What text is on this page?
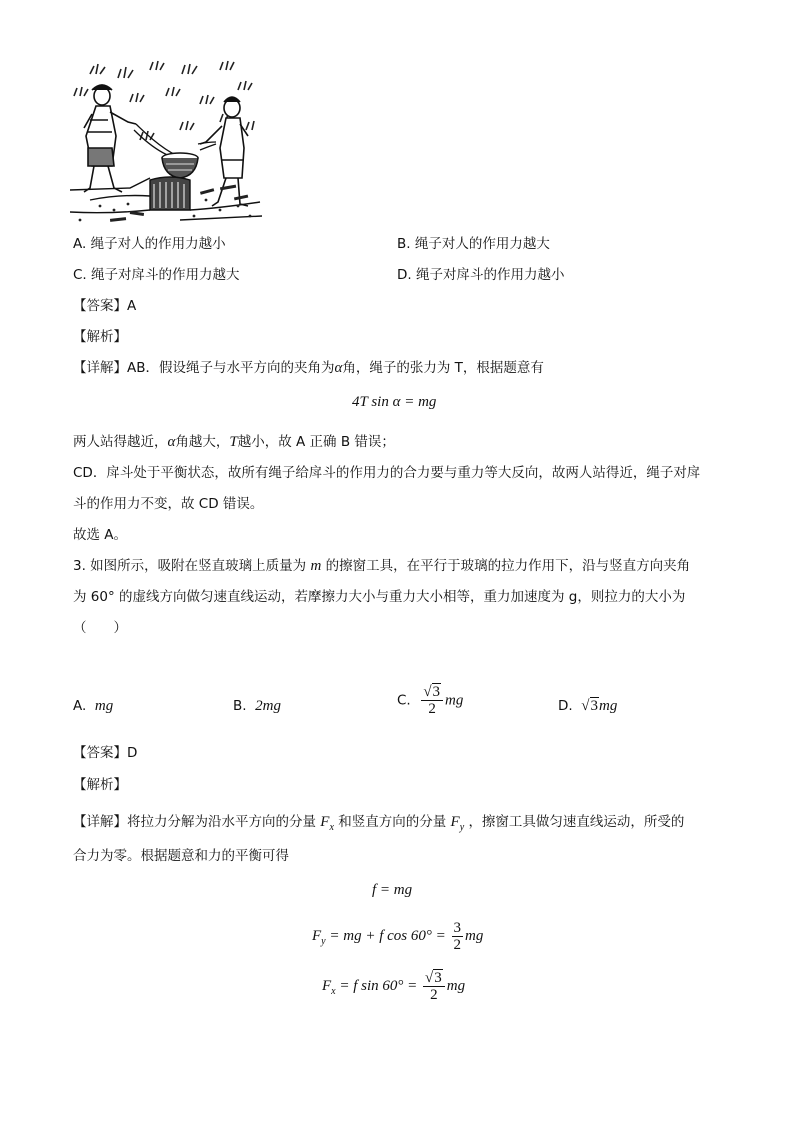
A. 绳子对人的作用力越小	B. 绳子对人的作用力越大
C. 绳子对戽斗的作用力越大	D. 绳子对戽斗的作用力越小
【答案】A
【解析】
【详解】AB．假设绳子与水平方向的夹角为α角，绳子的张力为 T，根据题意有
4T sin α = mg
两人站得越近，α角越大，T越小，故 A 正确 B 错误；
CD．戽斗处于平衡状态，故所有绳子给戽斗的作用力的合力要与重力等大反向，故两人站得近，绳子对戽
斗的作用力不变，故 CD 错误。
故选 A。
3. 如图所示，吸附在竖直玻璃上质量为 m 的擦窗工具，在平行于玻璃的拉力作用下，沿与竖直方向夹角
为 60° 的虚线方向做匀速直线运动，若摩擦力大小与重力大小相等，重力加速度为 g，则拉力的大小为
（　　）
A. mg	B. 2mg	C. $\frac{√3}{2}$ mg	D. √3mg
【答案】D
【解析】
【详解】将拉力分解为沿水平方向的分量 $F_x$ 和竖直方向的分量 $F_y$ ，擦窗工具做匀速直线运动，所受的
合力为零。根据题意和力的平衡可得
f = mg
$F_y$ = mg + f $\cos 60^\circ = \frac{3}{2}$ mg
$F_x = f$ $\sin 60^\circ = \frac{√3}{2}$ mg
